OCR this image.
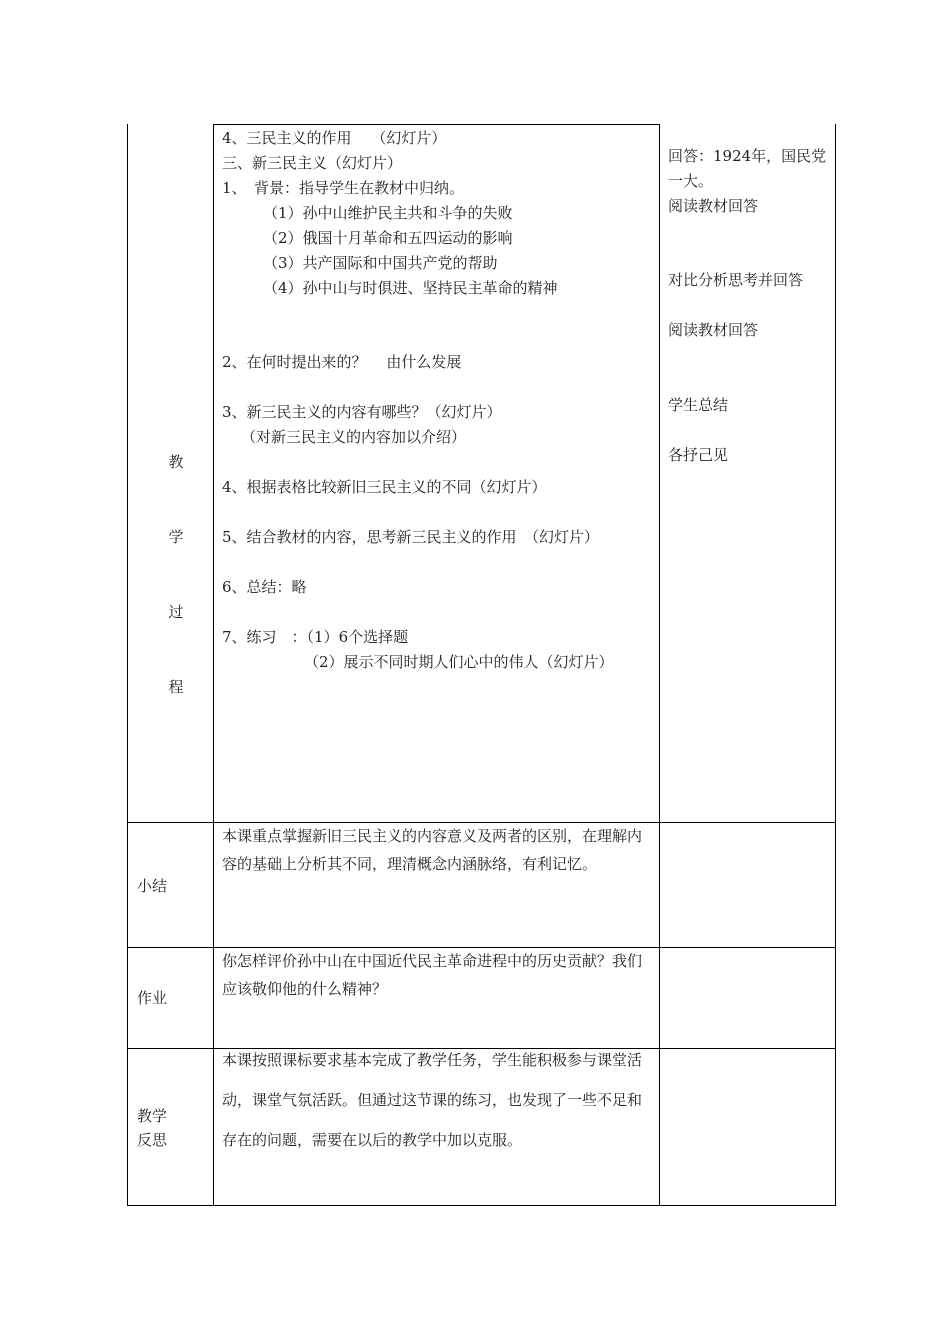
教
学
过
程
4、三民主义的作用　 （幻灯片）
三、新三民主义（幻灯片）
1、　背景：指导学生在教材中归纳。
（1）孙中山维护民主共和斗争的失败
（2）俄国十月革命和五四运动的影响
（3）共产国际和中国共产党的帮助
（4）孙中山与时俱进、坚持民主革命的精神
2、在何时提出来的？　 由什么发展
3、新三民主义的内容有哪些？（幻灯片）
（对新三民主义的内容加以介绍）
4、根据表格比较新旧三民主义的不同（幻灯片）
5、结合教材的内容，思考新三民主义的作用　（幻灯片）
6、总结：略
7、练习　：（1）6个选择题
（2）展示不同时期人们心中的伟人（幻灯片）
回答：1924年，国民党
一大。
阅读教材回答
对比分析思考并回答
阅读教材回答
学生总结
各抒己见
小结
本课重点掌握新旧三民主义的内容意义及两者的区别，在理解内容的基础上分析其不同，理清概念内涵脉络，有利记忆。
作业
你怎样评价孙中山在中国近代民主革命进程中的历史贡献？我们应该敬仰他的什么精神？
教学
反思
本课按照课标要求基本完成了教学任务，学生能积极参与课堂活动，课堂气氛活跃。但通过这节课的练习，也发现了一些不足和存在的问题，需要在以后的教学中加以克服。
